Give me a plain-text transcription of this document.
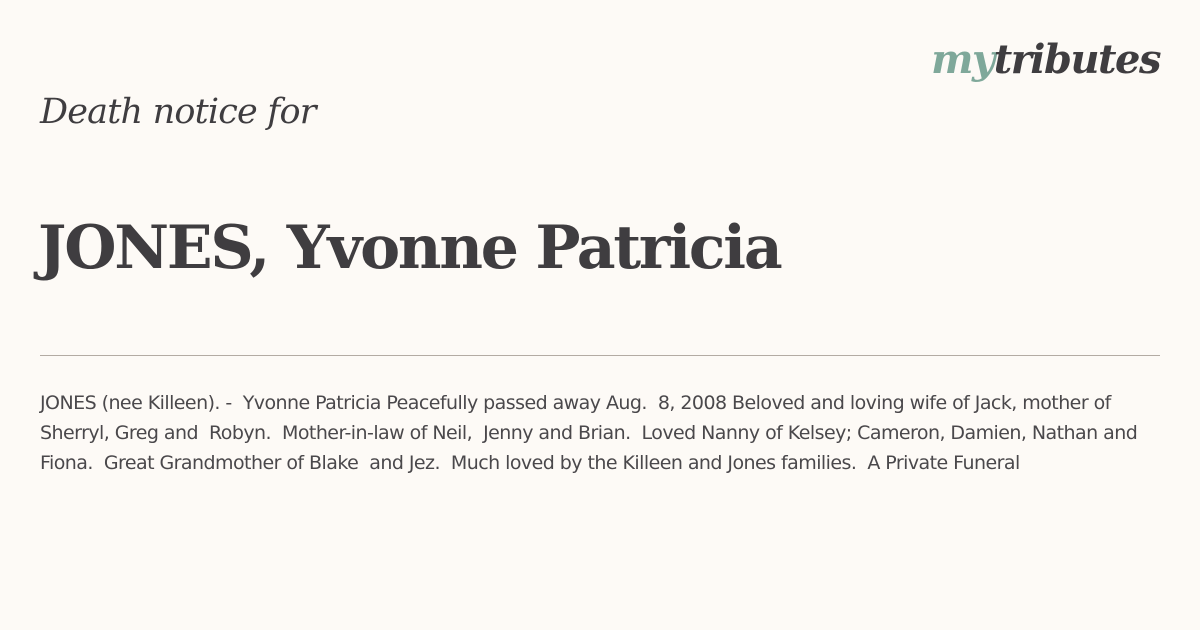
mytributes
Death notice for
JONES, Yvonne Patricia
JONES (nee Killeen). -  Yvonne Patricia Peacefully passed away Aug.  8, 2008 Beloved and loving wife of Jack, mother of Sherryl, Greg and  Robyn.  Mother-in-law of Neil,  Jenny and Brian.  Loved Nanny of Kelsey; Cameron, Damien, Nathan and  Fiona.  Great Grandmother of Blake  and Jez.  Much loved by the Killeen and Jones families.  A Private Funeral
